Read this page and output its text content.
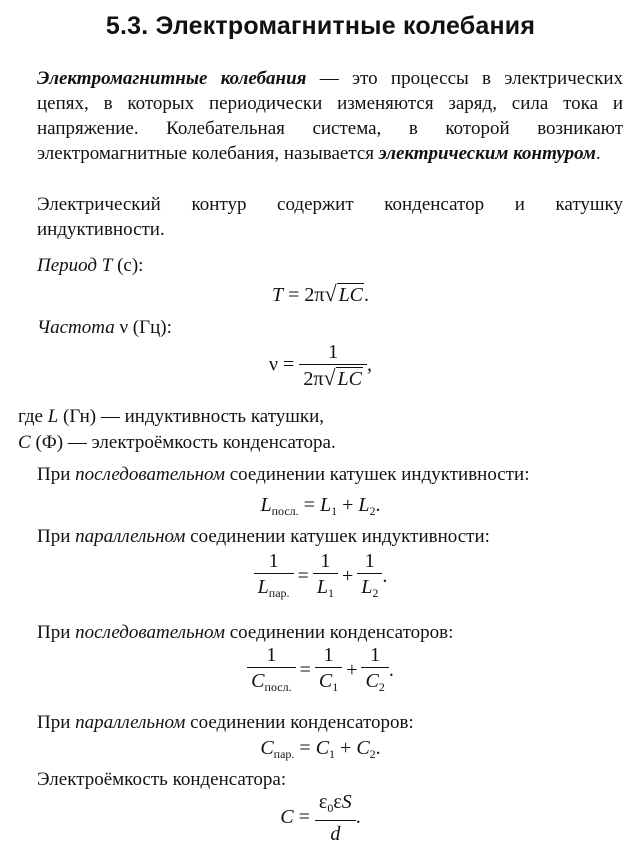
5.3. Электромагнитные колебания
Электромагнитные колебания — это процессы в электрических цепях, в которых периодически изменяются заряд, сила тока и напряжение. Колебательная система, в которой возникают электромагнитные колебания, называется электрическим контуром.
Электрический контур содержит конденсатор и катушку индуктивности.
Период T (с):
T = 2π√ LC.
Частота ν (Гц):
$\nu = \frac{1}{2\pi√ LC}$ ,
где L (Гн) — индуктивность катушки,
C (Ф) — электроёмкость конденсатора.
При последовательном соединении катушек индуктивности:
$L_{посл.} = L_1 + L_2$.
При параллельном соединении катушек индуктивности:
$\frac{1}{L_{пар.}} = \frac{1}{L_1} + \frac{1}{L_2}$ .
При последовательном соединении конденсаторов:
$\frac{1}{C_{посл.}} = \frac{1}{C_1} + \frac{1}{C_2}$ .
При параллельном соединении конденсаторов:
$C_{пар.} = C_1 + C_2$.
Электроёмкость конденсатора:
$C = \frac{\varepsilon_0\varepsilon S}{d}$ .
